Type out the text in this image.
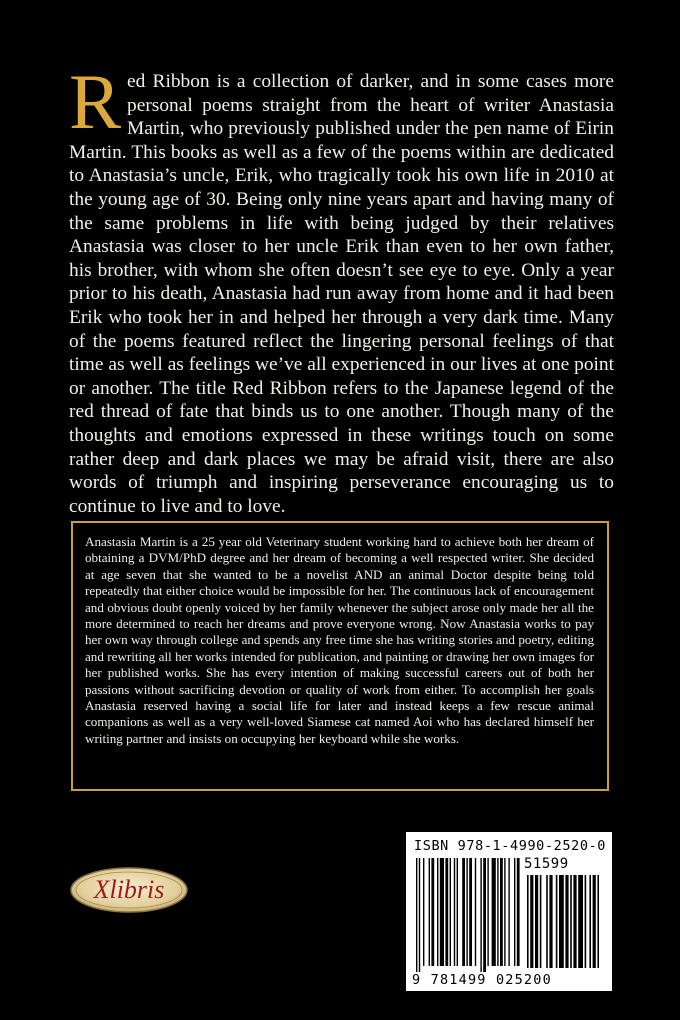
Red Ribbon is a collection of darker, and in some cases more personal poems straight from the heart of writer Anastasia Martin, who previously published under the pen name of Eirin Martin. This books as well as a few of the poems within are dedicated to Anastasia’s uncle, Erik, who tragically took his own life in 2010 at the young age of 30. Being only nine years apart and having many of the same problems in life with being judged by their relatives Anastasia was closer to her uncle Erik than even to her own father, his brother, with whom she often doesn’t see eye to eye. Only a year prior to his death, Anastasia had run away from home and it had been Erik who took her in and helped her through a very dark time. Many of the poems featured reflect the lingering personal feelings of that time as well as feelings we’ve all experienced in our lives at one point or another. The title Red Ribbon refers to the Japanese legend of the red thread of fate that binds us to one another. Though many of the thoughts and emotions expressed in these writings touch on some rather deep and dark places we may be afraid visit, there are also words of triumph and inspiring perseverance encouraging us to continue to live and to love.

Anastasia Martin is a 25 year old Veterinary student working hard to achieve both her dream of obtaining a DVM/PhD degree and her dream of becoming a well respected writer. She decided at age seven that she wanted to be a novelist AND an animal Doctor despite being told repeatedly that either choice would be impossible for her. The continuous lack of encouragement and obvious doubt openly voiced by her family whenever the subject arose only made her all the more determined to reach her dreams and prove everyone wrong. Now Anastasia works to pay her own way through college and spends any free time she has writing stories and poetry, editing and rewriting all her works intended for publication, and painting or drawing her own images for her published works. She has every intention of making successful careers out of both her passions without sacrificing devotion or quality of work from either. To accomplish her goals Anastasia reserved having a social life for later and instead keeps a few rescue animal companions as well as a very well-loved Siamese cat named Aoi who has declared himself her writing partner and insists on occupying her keyboard while she works.

Xlibris
ISBN 978-1-4990-2520-0
51599
9 781499 025200
